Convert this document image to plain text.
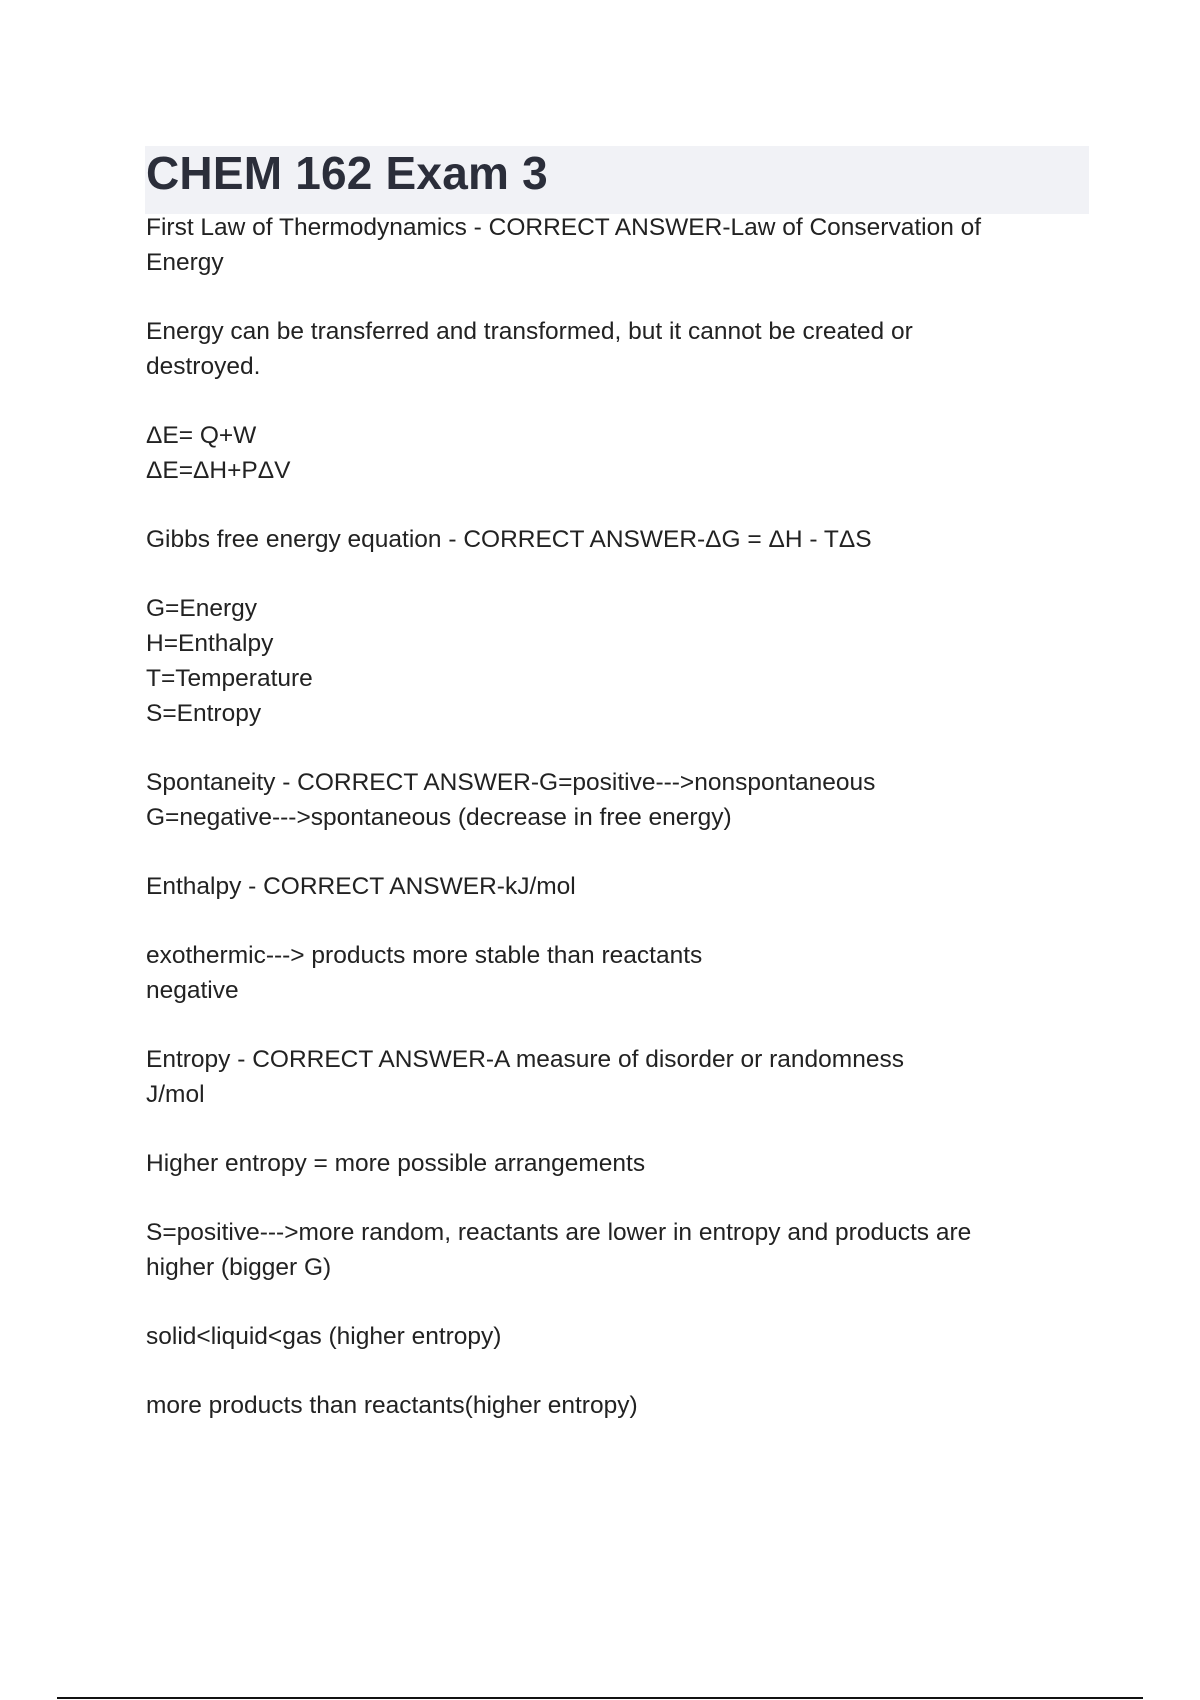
CHEM 162 Exam 3
First Law of Thermodynamics - CORRECT ANSWER-Law of Conservation of
Energy
Energy can be transferred and transformed, but it cannot be created or
destroyed.
ΔE= Q+W
ΔE=ΔH+PΔV
Gibbs free energy equation - CORRECT ANSWER-ΔG = ΔH - TΔS
G=Energy
H=Enthalpy
T=Temperature
S=Entropy
Spontaneity - CORRECT ANSWER-G=positive--->nonspontaneous
G=negative--->spontaneous (decrease in free energy)
Enthalpy - CORRECT ANSWER-kJ/mol
exothermic---> products more stable than reactants
negative
Entropy - CORRECT ANSWER-A measure of disorder or randomness
J/mol
Higher entropy = more possible arrangements
S=positive--->more random, reactants are lower in entropy and products are
higher (bigger G)
solid<liquid<gas (higher entropy)
more products than reactants(higher entropy)
